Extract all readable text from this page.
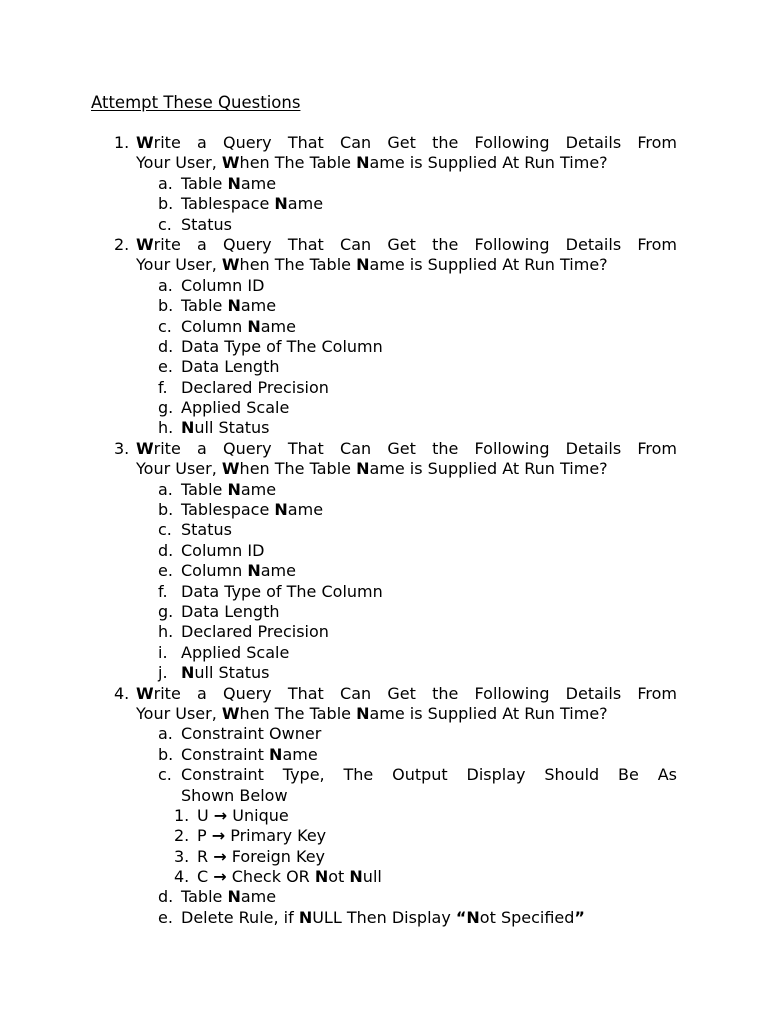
Attempt These Questions
1. Write a Query That Can Get the Following Details From
Your User, When The Table Name is Supplied At Run Time?
a. Table Name
b. Tablespace Name
c. Status
2. Write a Query That Can Get the Following Details From
Your User, When The Table Name is Supplied At Run Time?
a. Column ID
b. Table Name
c. Column Name
d. Data Type of The Column
e. Data Length
f. Declared Precision
g. Applied Scale
h. Null Status
3. Write a Query That Can Get the Following Details From
Your User, When The Table Name is Supplied At Run Time?
a. Table Name
b. Tablespace Name
c. Status
d. Column ID
e. Column Name
f. Data Type of The Column
g. Data Length
h. Declared Precision
i. Applied Scale
j. Null Status
4. Write a Query That Can Get the Following Details From
Your User, When The Table Name is Supplied At Run Time?
a. Constraint Owner
b. Constraint Name
c. Constraint Type, The Output Display Should Be As
Shown Below
1. U → Unique
2. P → Primary Key
3. R → Foreign Key
4. C → Check OR Not Null
d. Table Name
e. Delete Rule, if NULL Then Display “Not Specified”
